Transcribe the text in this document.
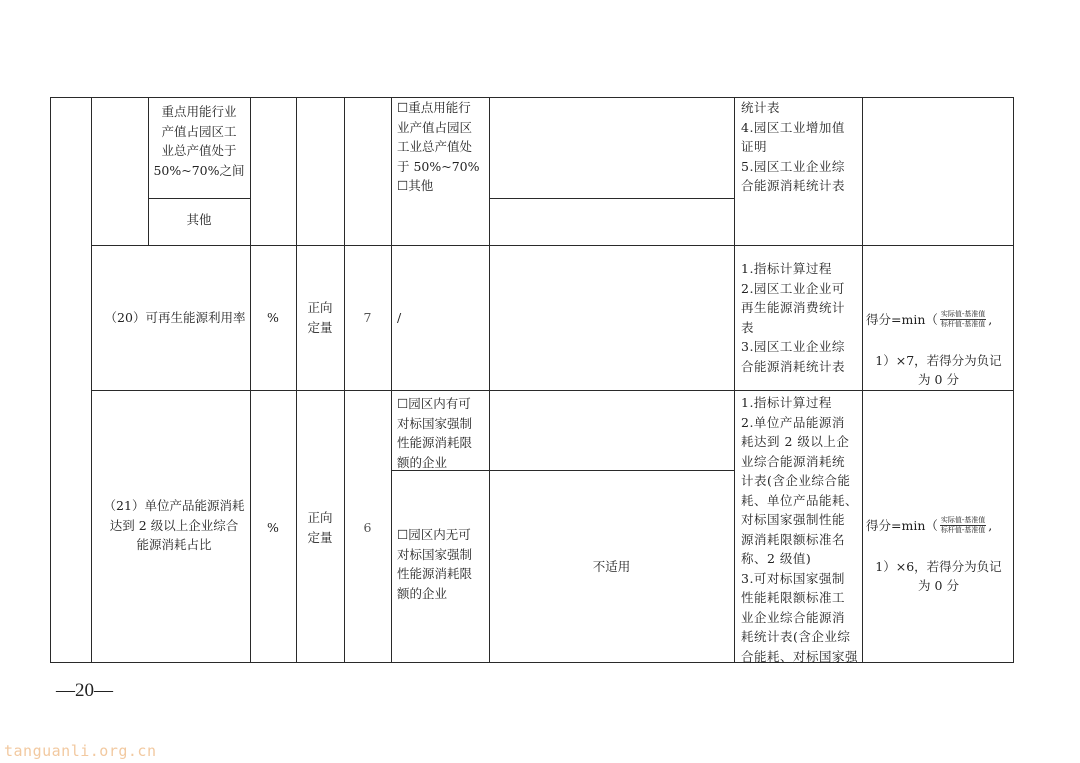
重点用能行业
产值占园区工
业总产值处于
50%~70%之间
其他
☐重点用能行
业产值占园区
工业总产值处
于 50%~70%
☐其他
统计表
4.园区工业增加值
证明
5.园区工业企业综
合能源消耗统计表
（20）可再生能源利用率	%
正向
定量
7	/
1.指标计算过程
2.园区工业企业可
再生能源消费统计
表
3.园区工业企业综
合能源消耗统计表

得分$=\min( \frac{\text{实际值-基准值}}{\text{标杆值-基准值}}$ ,

1）×7，若得分为负记
为 0 分

（21）单位产品能源消耗
达到 2 级以上企业综合
能源消耗占比
%
正向
定量
6
☐园区内有可
对标国家强制
性能源消耗限
额的企业
☐园区内无可
对标国家强制
性能源消耗限
额的企业
不适用
1.指标计算过程
2.单位产品能源消
耗达到 2 级以上企
业综合能源消耗统
计表(含企业综合能
耗、单位产品能耗、
对标国家强制性能
源消耗限额标准名
称、2 级值)
3.可对标国家强制
性能耗限额标准工
业企业综合能源消
耗统计表(含企业综
合能耗、对标国家强

得分$=\min( \frac{\text{实际值-基准值}}{\text{标杆值-基准值}}$ ,

1）×6，若得分为负记
为 0 分

—20—
tanguanli.org.cn
